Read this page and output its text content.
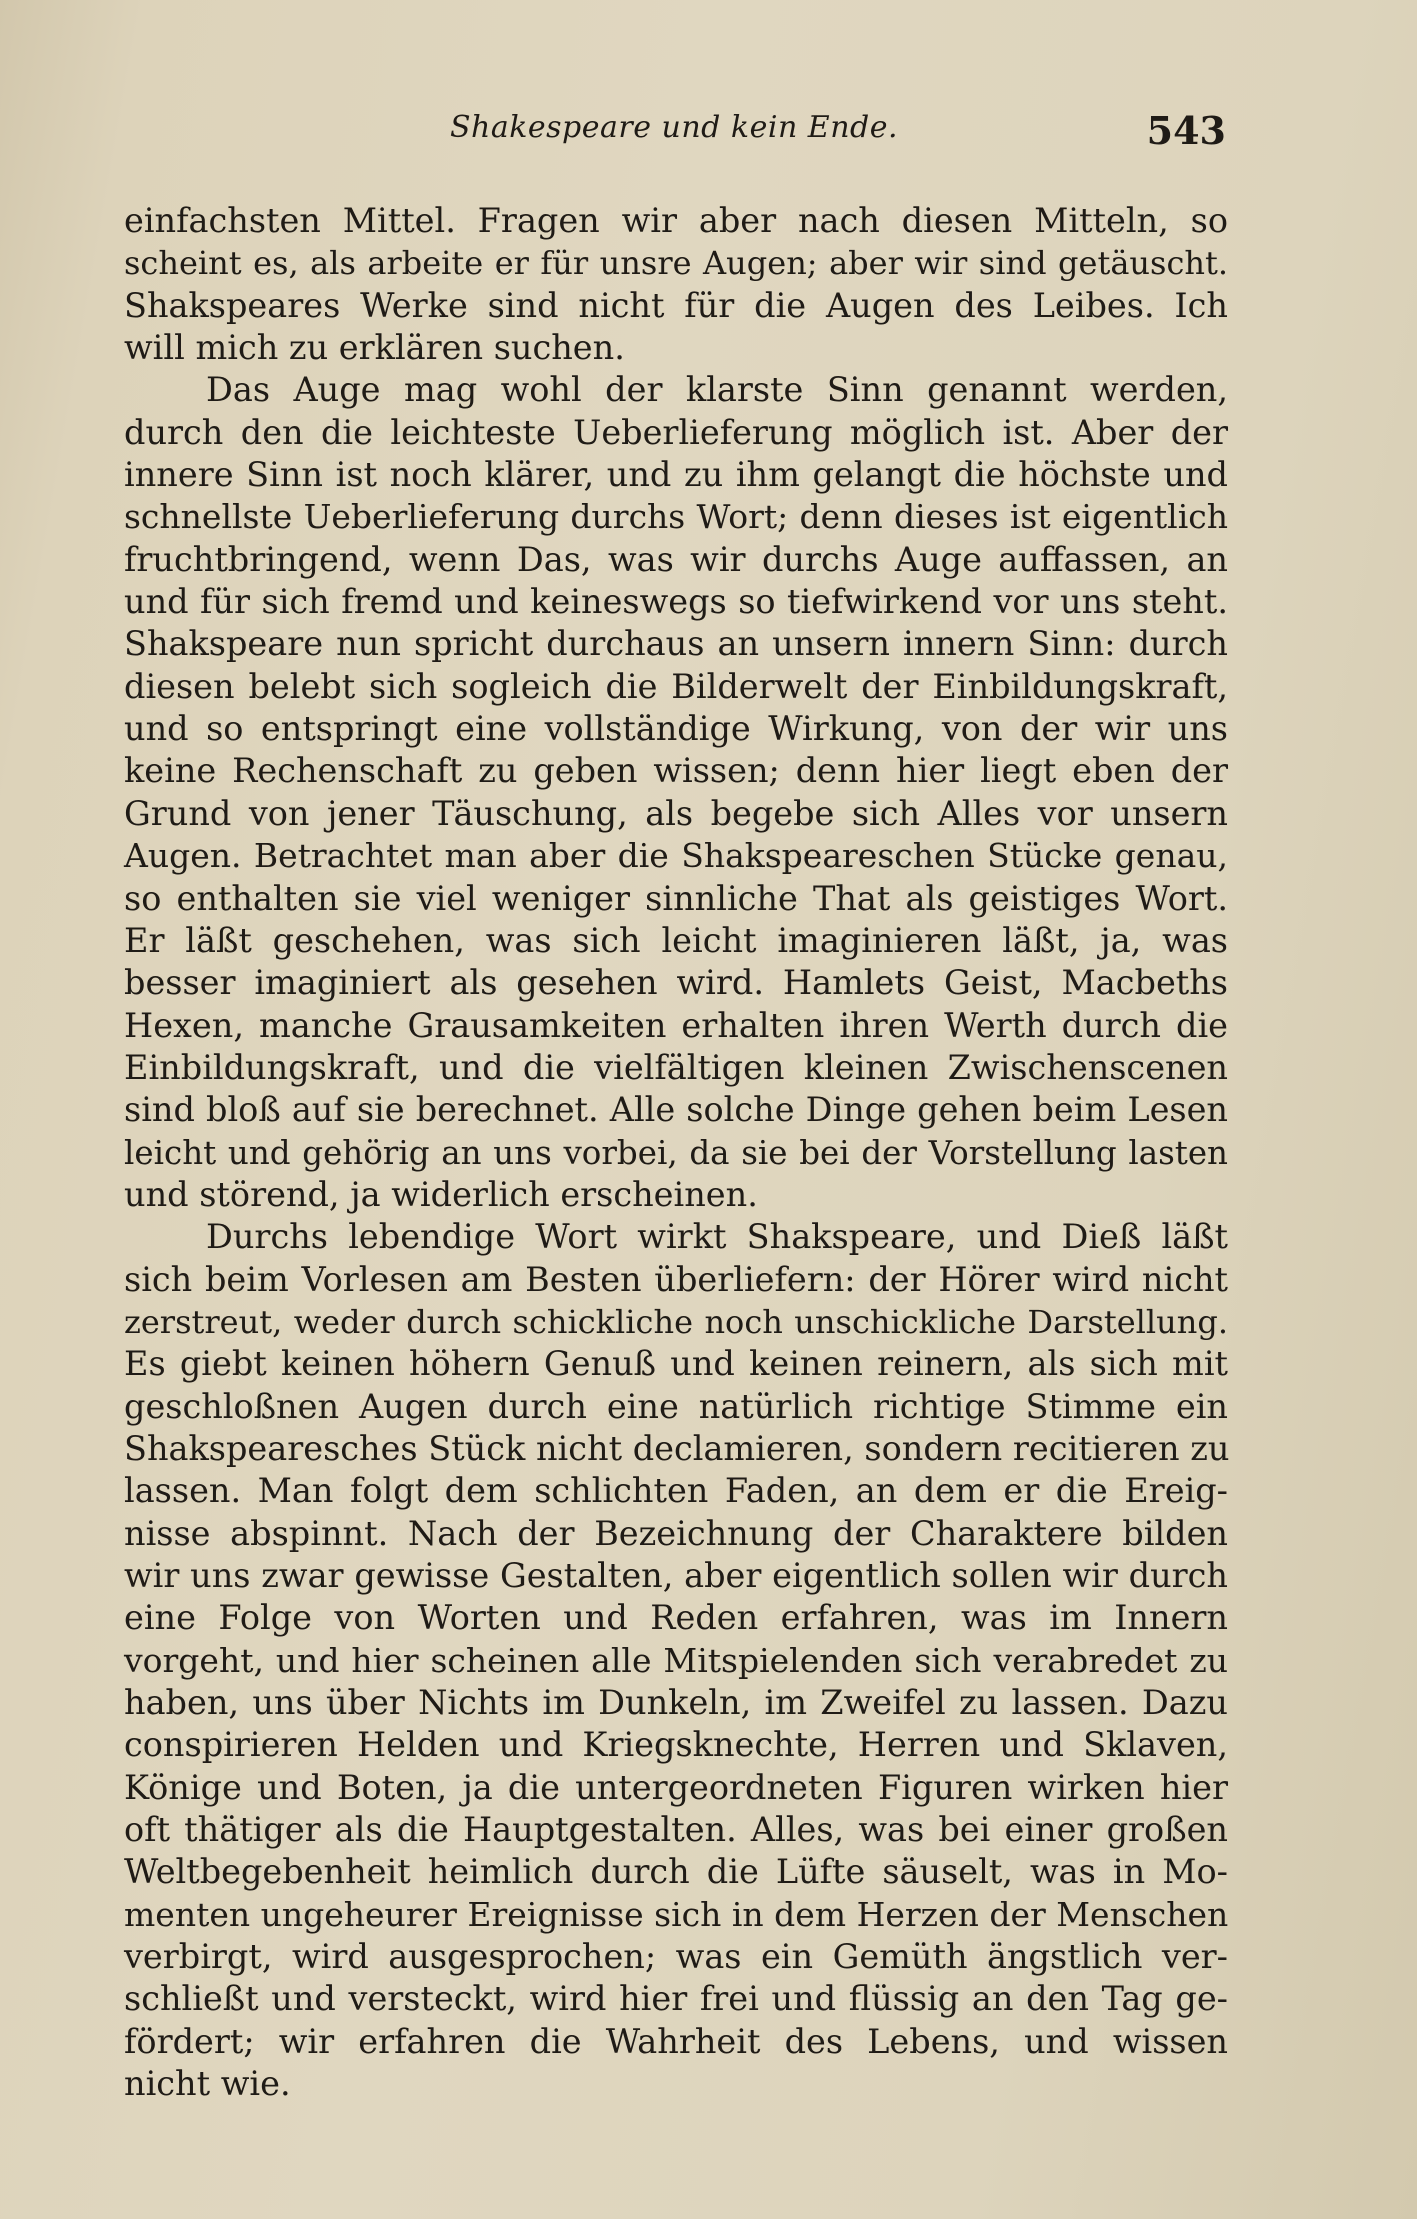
Shakespeare und kein Ende.	543
einfachsten Mittel. Fragen wir aber nach diesen Mitteln, so
scheint es, als arbeite er für unsre Augen; aber wir sind getäuscht.
Shakspeares Werke sind nicht für die Augen des Leibes. Ich
will mich zu erklären suchen.
Das Auge mag wohl der klarste Sinn genannt werden,
durch den die leichteste Ueberlieferung möglich ist. Aber der
innere Sinn ist noch klärer, und zu ihm gelangt die höchste und
schnellste Ueberlieferung durchs Wort; denn dieses ist eigentlich
fruchtbringend, wenn Das, was wir durchs Auge auffassen, an
und für sich fremd und keineswegs so tiefwirkend vor uns steht.
Shakspeare nun spricht durchaus an unsern innern Sinn: durch
diesen belebt sich sogleich die Bilderwelt der Einbildungskraft,
und so entspringt eine vollständige Wirkung, von der wir uns
keine Rechenschaft zu geben wissen; denn hier liegt eben der
Grund von jener Täuschung, als begebe sich Alles vor unsern
Augen. Betrachtet man aber die Shakspeareschen Stücke genau,
so enthalten sie viel weniger sinnliche That als geistiges Wort.
Er läßt geschehen, was sich leicht imaginieren läßt, ja, was
besser imaginiert als gesehen wird. Hamlets Geist, Macbeths
Hexen, manche Grausamkeiten erhalten ihren Werth durch die
Einbildungskraft, und die vielfältigen kleinen Zwischenscenen
sind bloß auf sie berechnet. Alle solche Dinge gehen beim Lesen
leicht und gehörig an uns vorbei, da sie bei der Vorstellung lasten
und störend, ja widerlich erscheinen.
Durchs lebendige Wort wirkt Shakspeare, und Dieß läßt
sich beim Vorlesen am Besten überliefern: der Hörer wird nicht
zerstreut, weder durch schickliche noch unschickliche Darstellung.
Es giebt keinen höhern Genuß und keinen reinern, als sich mit
geschloßnen Augen durch eine natürlich richtige Stimme ein
Shakspearesches Stück nicht declamieren, sondern recitieren zu
lassen. Man folgt dem schlichten Faden, an dem er die Ereig-
nisse abspinnt. Nach der Bezeichnung der Charaktere bilden
wir uns zwar gewisse Gestalten, aber eigentlich sollen wir durch
eine Folge von Worten und Reden erfahren, was im Innern
vorgeht, und hier scheinen alle Mitspielenden sich verabredet zu
haben, uns über Nichts im Dunkeln, im Zweifel zu lassen. Dazu
conspirieren Helden und Kriegsknechte, Herren und Sklaven,
Könige und Boten, ja die untergeordneten Figuren wirken hier
oft thätiger als die Hauptgestalten. Alles, was bei einer großen
Weltbegebenheit heimlich durch die Lüfte säuselt, was in Mo-
menten ungeheurer Ereignisse sich in dem Herzen der Menschen
verbirgt, wird ausgesprochen; was ein Gemüth ängstlich ver-
schließt und versteckt, wird hier frei und flüssig an den Tag ge-
fördert; wir erfahren die Wahrheit des Lebens, und wissen
nicht wie.
